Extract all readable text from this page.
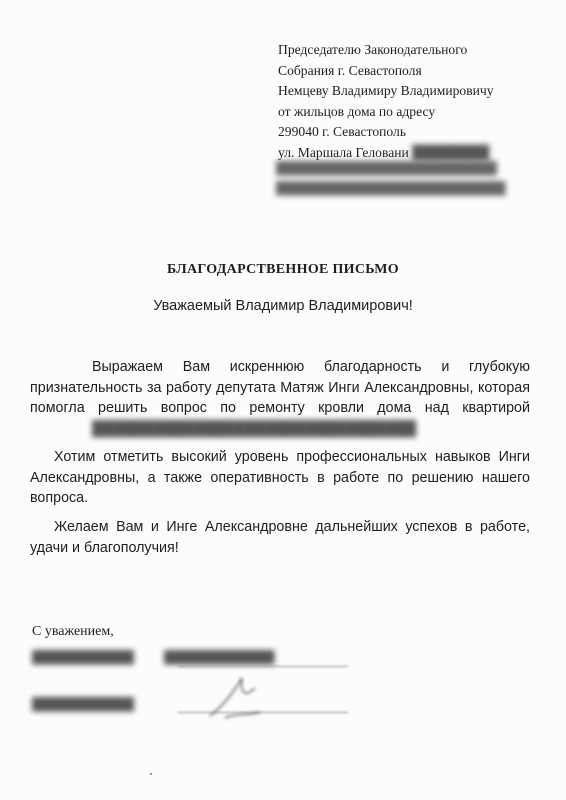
Председателю Законодательного
Собрания г. Севастополя
Немцеву Владимиру Владимировичу
от жильцов дома по адресу
299040 г. Севастополь
ул. Маршала Геловани ████████
██████████████████████████
███████████████████████████
БЛАГОДАРСТВЕННОЕ ПИСЬМО
Уважаемый Владимир Владимирович!
Выражаем Вам искреннюю благодарность и глубокую признательность за работу депутата Матяж Инги Александровны, которая помогла решить вопрос по ремонту кровли дома над квартирой ████████████████████████████████
Хотим отметить высокий уровень профессиональных навыков Инги Александровны, а также оперативность в работе по решению нашего вопроса.
Желаем Вам и Инге Александровне дальнейших успехов в работе, удачи и благополучия!
С уважением,
████████████          █████████████
████████████
